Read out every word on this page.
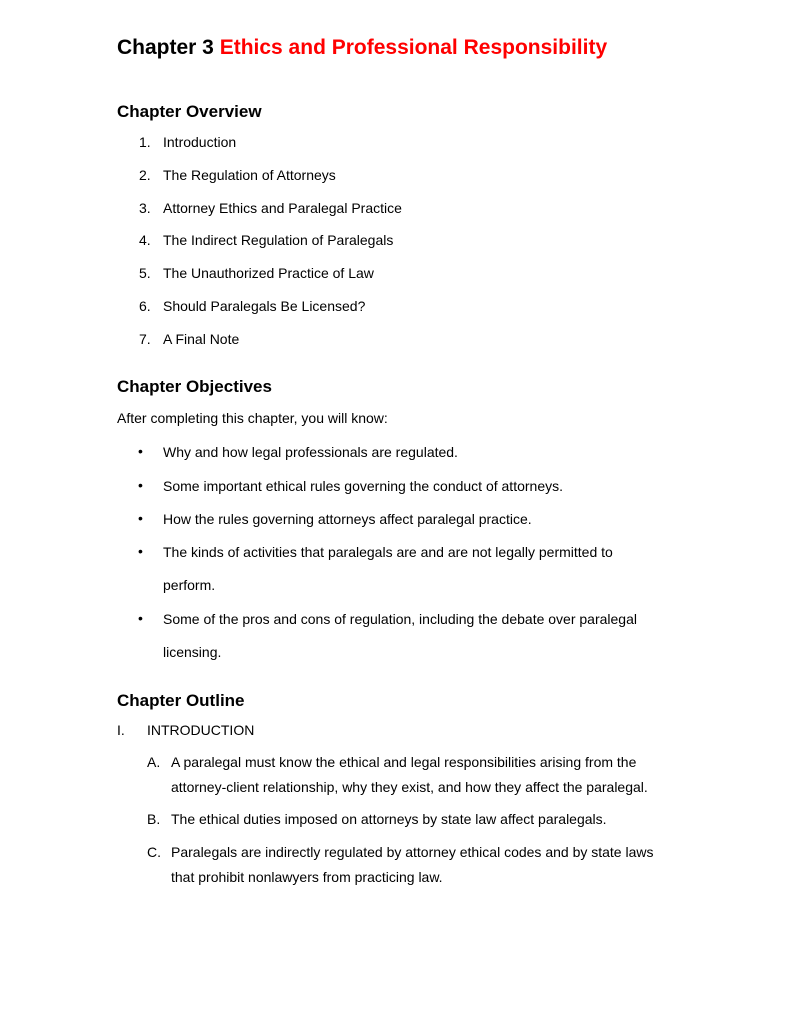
Chapter 3 Ethics and Professional Responsibility
Chapter Overview
1. Introduction
2. The Regulation of Attorneys
3. Attorney Ethics and Paralegal Practice
4. The Indirect Regulation of Paralegals
5. The Unauthorized Practice of Law
6. Should Paralegals Be Licensed?
7. A Final Note
Chapter Objectives

After completing this chapter, you will know:

• Why and how legal professionals are regulated.
• Some important ethical rules governing the conduct of attorneys.
• How the rules governing attorneys affect paralegal practice.
• The kinds of activities that paralegals are and are not legally permitted to
perform.
• Some of the pros and cons of regulation, including the debate over paralegal
licensing.
Chapter Outline
I. INTRODUCTION
A. A paralegal must know the ethical and legal responsibilities arising from the
attorney-client relationship, why they exist, and how they affect the paralegal.
B. The ethical duties imposed on attorneys by state law affect paralegals.
C. Paralegals are indirectly regulated by attorney ethical codes and by state laws
that prohibit nonlawyers from practicing law.
